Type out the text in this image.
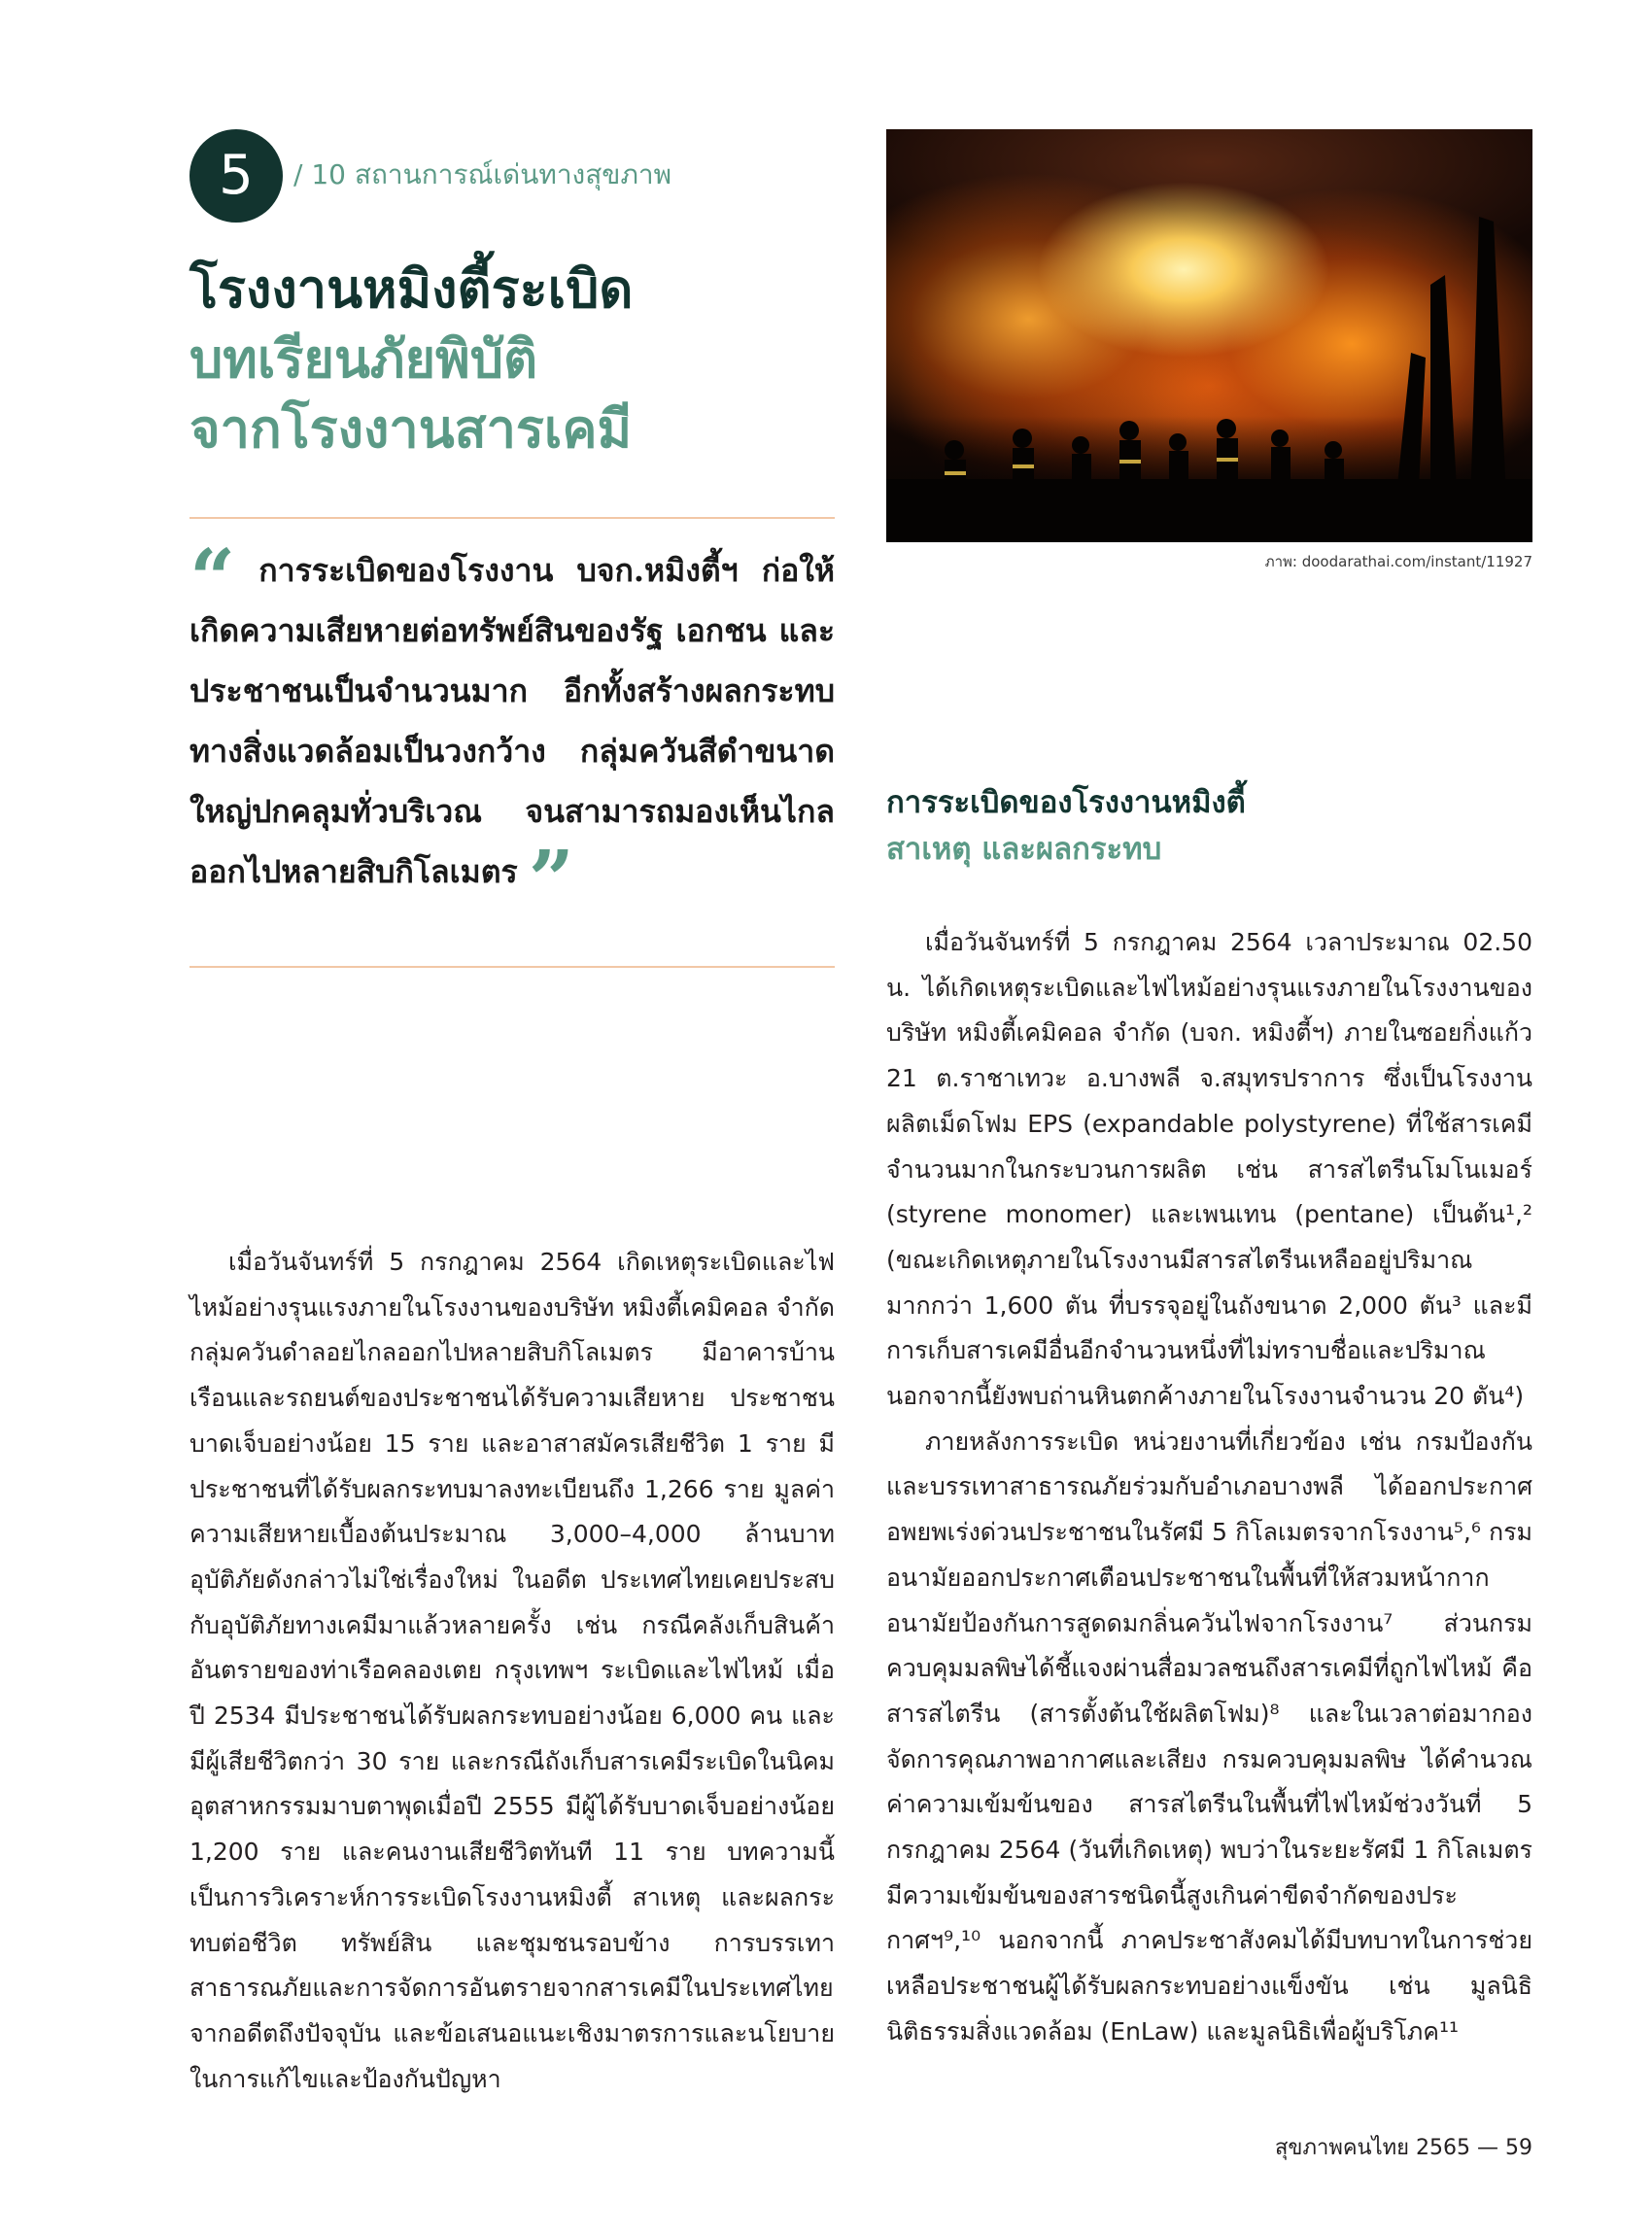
5	/ 10 สถานการณ์เด่นทางสุขภาพ
โรงงานหมิงตี้ระเบิด
บทเรียนภัยพิบัติ
จากโรงงานสารเคมี

“ การระเบิดของโรงงาน บจก.หมิงตี้ฯ ก่อให้เกิดความเสียหายต่อทรัพย์สินของรัฐ เอกชน และประชาชนเป็นจำนวนมาก อีกทั้งสร้างผลกระทบทางสิ่งแวดล้อมเป็นวงกว้าง กลุ่มควันสีดำขนาดใหญ่ปกคลุมทั่วบริเวณ จนสามารถมองเห็นไกลออกไปหลายสิบกิโลเมตร ”

ภาพ: doodarathai.com/instant/11927
การระเบิดของโรงงานหมิงตี้
สาเหตุ และผลกระทบ

เมื่อวันจันทร์ที่ 5 กรกฎาคม 2564 เกิดเหตุระเบิดและไฟไหม้อย่างรุนแรงภายในโรงงานของบริษัท หมิงตี้เคมิคอล จำกัด กลุ่มควันดำลอยไกลออกไปหลายสิบกิโลเมตร มีอาคารบ้านเรือนและรถยนต์ของประชาชนได้รับความเสียหาย ประชาชนบาดเจ็บอย่างน้อย 15 ราย และอาสาสมัครเสียชีวิต 1 ราย มีประชาชนที่ได้รับผลกระทบมาลงทะเบียนถึง 1,266 ราย มูลค่าความเสียหายเบื้องต้นประมาณ 3,000–4,000 ล้านบาท อุบัติภัยดังกล่าวไม่ใช่เรื่องใหม่ ในอดีต ประเทศไทยเคยประสบกับอุบัติภัยทางเคมีมาแล้วหลายครั้ง เช่น กรณีคลังเก็บสินค้าอันตรายของท่าเรือคลองเตย กรุงเทพฯ ระเบิดและไฟไหม้ เมื่อปี 2534 มีประชาชนได้รับผลกระทบอย่างน้อย 6,000 คน และมีผู้เสียชีวิตกว่า 30 ราย และกรณีถังเก็บสารเคมีระเบิดในนิคมอุตสาหกรรมมาบตาพุดเมื่อปี 2555 มีผู้ได้รับบาดเจ็บอย่างน้อย 1,200 ราย และคนงานเสียชีวิตทันที 11 ราย บทความนี้เป็นการวิเคราะห์การระเบิดโรงงานหมิงตี้ สาเหตุ และผลกระทบต่อชีวิต ทรัพย์สิน และชุมชนรอบข้าง การบรรเทาสาธารณภัยและการจัดการอันตรายจากสารเคมีในประเทศไทยจากอดีตถึงปัจจุบัน และข้อเสนอแนะเชิงมาตรการและนโยบายในการแก้ไขและป้องกันปัญหา

เมื่อวันจันทร์ที่ 5 กรกฎาคม 2564 เวลาประมาณ 02.50 น. ได้เกิดเหตุระเบิดและไฟไหม้อย่างรุนแรงภายในโรงงานของบริษัท หมิงตี้เคมิคอล จำกัด (บจก. หมิงตี้ฯ) ภายในซอยกิ่งแก้ว 21 ต.ราชาเทวะ อ.บางพลี จ.สมุทรปราการ ซึ่งเป็นโรงงานผลิตเม็ดโฟม EPS (expandable polystyrene) ที่ใช้สารเคมีจำนวนมากในกระบวนการผลิต เช่น สารสไตรีนโมโนเมอร์ (styrene monomer) และเพนเทน (pentane) เป็นต้น¹,² (ขณะเกิดเหตุภายในโรงงานมีสารสไตรีนเหลืออยู่ปริมาณมากกว่า 1,600 ตัน ที่บรรจุอยู่ในถังขนาด 2,000 ตัน³ และมีการเก็บสารเคมีอื่นอีกจำนวนหนึ่งที่ไม่ทราบชื่อและปริมาณ นอกจากนี้ยังพบถ่านหินตกค้างภายในโรงงานจำนวน 20 ตัน⁴)

ภายหลังการระเบิด หน่วยงานที่เกี่ยวข้อง เช่น กรมป้องกันและบรรเทาสาธารณภัยร่วมกับอำเภอบางพลี ได้ออกประกาศอพยพเร่งด่วนประชาชนในรัศมี 5 กิโลเมตรจากโรงงาน⁵,⁶ กรมอนามัยออกประกาศเตือนประชาชนในพื้นที่ให้สวมหน้ากากอนามัยป้องกันการสูดดมกลิ่นควันไฟจากโรงงาน⁷ ส่วนกรมควบคุมมลพิษได้ชี้แจงผ่านสื่อมวลชนถึงสารเคมีที่ถูกไฟไหม้ คือ สารสไตรีน (สารตั้งต้นใช้ผลิตโฟม)⁸ และในเวลาต่อมากองจัดการคุณภาพอากาศและเสียง กรมควบคุมมลพิษ ได้คำนวณค่าความเข้มข้นของ สารสไตรีนในพื้นที่ไฟไหม้ช่วงวันที่ 5 กรกฎาคม 2564 (วันที่เกิดเหตุ) พบว่าในระยะรัศมี 1 กิโลเมตรมีความเข้มข้นของสารชนิดนี้สูงเกินค่าขีดจำกัดของประกาศฯ⁹,¹⁰ นอกจากนี้ ภาคประชาสังคมได้มีบทบาทในการช่วยเหลือประชาชนผู้ได้รับผลกระทบอย่างแข็งขัน เช่น มูลนิธินิติธรรมสิ่งแวดล้อม (EnLaw) และมูลนิธิเพื่อผู้บริโภค¹¹

สุขภาพคนไทย 2565 — 59
